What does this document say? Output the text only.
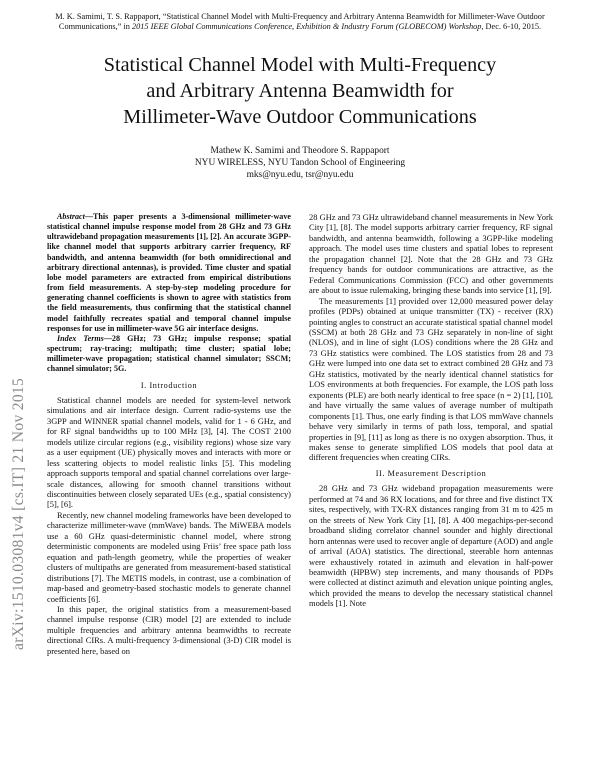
M. K. Samimi, T. S. Rappaport, “Statistical Channel Model with Multi-Frequency and Arbitrary Antenna Beamwidth for Millimeter-Wave Outdoor Communications,” in 2015 IEEE Global Communications Conference, Exhibition & Industry Forum (GLOBECOM) Workshop, Dec. 6-10, 2015.
Statistical Channel Model with Multi-Frequency
and Arbitrary Antenna Beamwidth for
Millimeter-Wave Outdoor Communications
Mathew K. Samimi and Theodore S. Rappaport
NYU WIRELESS, NYU Tandon School of Engineering
mks@nyu.edu, tsr@nyu.edu
arXiv:1510.03081v4 [cs.IT] 21 Nov 2015

Abstract—This paper presents a 3-dimensional millimeter-wave statistical channel impulse response model from 28 GHz and 73 GHz ultrawideband propagation measurements [1], [2]. An accurate 3GPP-like channel model that supports arbitrary carrier frequency, RF bandwidth, and antenna beamwidth (for both omnidirectional and arbitrary directional antennas), is provided. Time cluster and spatial lobe model parameters are extracted from empirical distributions from field measurements. A step-by-step modeling procedure for generating channel coefficients is shown to agree with statistics from the field measurements, thus confirming that the statistical channel model faithfully recreates spatial and temporal channel impulse responses for use in millimeter-wave 5G air interface designs.

Index Terms—28 GHz; 73 GHz; impulse response; spatial spectrum; ray-tracing; multipath; time cluster; spatial lobe; millimeter-wave propagation; statistical channel simulator; SSCM; channel simulator; 5G.

I. Introduction

Statistical channel models are needed for system-level network simulations and air interface design. Current radio-systems use the 3GPP and WINNER spatial channel models, valid for 1 - 6 GHz, and for RF signal bandwidths up to 100 MHz [3], [4]. The COST 2100 models utilize circular regions (e.g., visibility regions) whose size vary as a user equipment (UE) physically moves and interacts with more or less scattering objects to model realistic links [5]. This modeling approach supports temporal and spatial channel correlations over large-scale distances, allowing for smooth channel transitions without discontinuities between closely separated UEs (e.g., spatial consistency) [5], [6].

Recently, new channel modeling frameworks have been developed to characterize millimeter-wave (mmWave) bands. The MiWEBA models use a 60 GHz quasi-deterministic channel model, where strong deterministic components are modeled using Friis’ free space path loss equation and path-length geometry, while the properties of weaker clusters of multipaths are generated from measurement-based statistical distributions [7]. The METIS models, in contrast, use a combination of map-based and geometry-based stochastic models to generate channel coefficients [6].

In this paper, the original statistics from a measurement-based channel impulse response (CIR) model [2] are extended to include multiple frequencies and arbitrary antenna beamwidths to recreate directional CIRs. A multi-frequency 3-dimensional (3-D) CIR model is presented here, based on

28 GHz and 73 GHz ultrawideband channel measurements in New York City [1], [8]. The model supports arbitrary carrier frequency, RF signal bandwidth, and antenna beamwidth, following a 3GPP-like modeling approach. The model uses time clusters and spatial lobes to represent the propagation channel [2]. Note that the 28 GHz and 73 GHz frequency bands for outdoor communications are attractive, as the Federal Communications Commission (FCC) and other governments are about to issue rulemaking, bringing these bands into service [1], [9].

The measurements [1] provided over 12,000 measured power delay profiles (PDPs) obtained at unique transmitter (TX) - receiver (RX) pointing angles to construct an accurate statistical spatial channel model (SSCM) at both 28 GHz and 73 GHz separately in non-line of sight (NLOS), and in line of sight (LOS) conditions where the 28 GHz and 73 GHz statistics were combined. The LOS statistics from 28 and 73 GHz were lumped into one data set to extract combined 28 GHz and 73 GHz statistics, motivated by the nearly identical channel statistics for LOS environments at both frequencies. For example, the LOS path loss exponents (PLE) are both nearly identical to free space (n = 2) [1], [10], and have virtually the same values of average number of multipath components [1]. Thus, one early finding is that LOS mmWave channels behave very similarly in terms of path loss, temporal, and spatial properties in [9], [11] as long as there is no oxygen absorption. Thus, it makes sense to generate simplified LOS models that pool data at different frequencies when creating CIRs.

II. Measurement Description

28 GHz and 73 GHz wideband propagation measurements were performed at 74 and 36 RX locations, and for three and five distinct TX sites, respectively, with TX-RX distances ranging from 31 m to 425 m on the streets of New York City [1], [8]. A 400 megachips-per-second broadband sliding correlator channel sounder and highly directional horn antennas were used to recover angle of departure (AOD) and angle of arrival (AOA) statistics. The directional, steerable horn antennas were exhaustively rotated in azimuth and elevation in half-power beamwidth (HPBW) step increments, and many thousands of PDPs were collected at distinct azimuth and elevation unique pointing angles, which provided the means to develop the necessary statistical channel models [1]. Note
